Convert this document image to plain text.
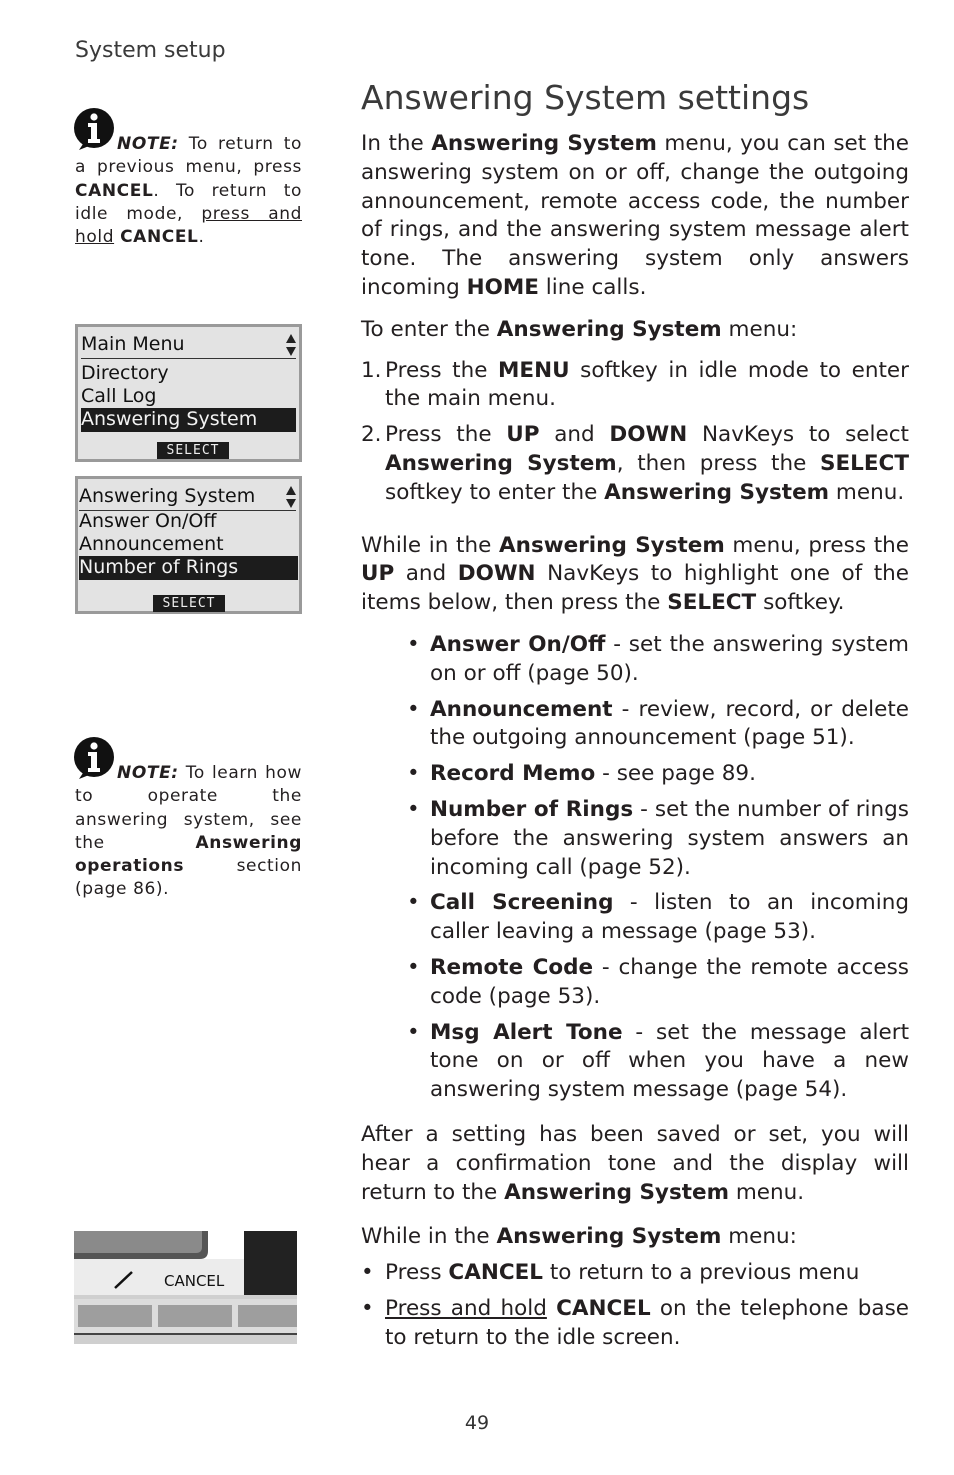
System setup
Answering System settings

In the Answering System menu, you can set the answering system on or off, change the outgoing announcement, remote access code, the number of rings, and the answering system message alert tone. The answering system only answers incoming HOME line calls.

To enter the Answering System menu:

1. Press the MENU softkey in idle mode to enter the main menu.
2. Press the UP and DOWN NavKeys to select Answering System, then press the SELECT softkey to enter the Answering System menu.

While in the Answering System menu, press the UP and DOWN NavKeys to highlight one of the items below, then press the SELECT softkey.

• Answer On/Off - set the answering system on or off (page 50).
• Announcement - review, record, or delete the outgoing announcement (page 51).
• Record Memo - see page 89.
• Number of Rings - set the number of rings before the answering system answers an incoming call (page 52).
• Call Screening - listen to an incoming caller leaving a message (page 53).
• Remote Code - change the remote access code (page 53).
• Msg Alert Tone - set the message alert tone on or off when you have a new answering system message (page 54).

After a setting has been saved or set, you will hear a confirmation tone and the display will return to the Answering System menu.

While in the Answering System menu:

• Press CANCEL to return to a previous menu
• Press and hold CANCEL on the telephone base to return to the idle screen.
NOTE: To return to a previous menu, press CANCEL. To return to idle mode, press and hold CANCEL.
Main Menu
Directory
Call Log
Answering System
SELECT
Answering System
Answer On/Off
Announcement
Number of Rings
SELECT
NOTE: To learn how to operate the answering system, see the Answering operations section (page 86).
CANCEL
49
